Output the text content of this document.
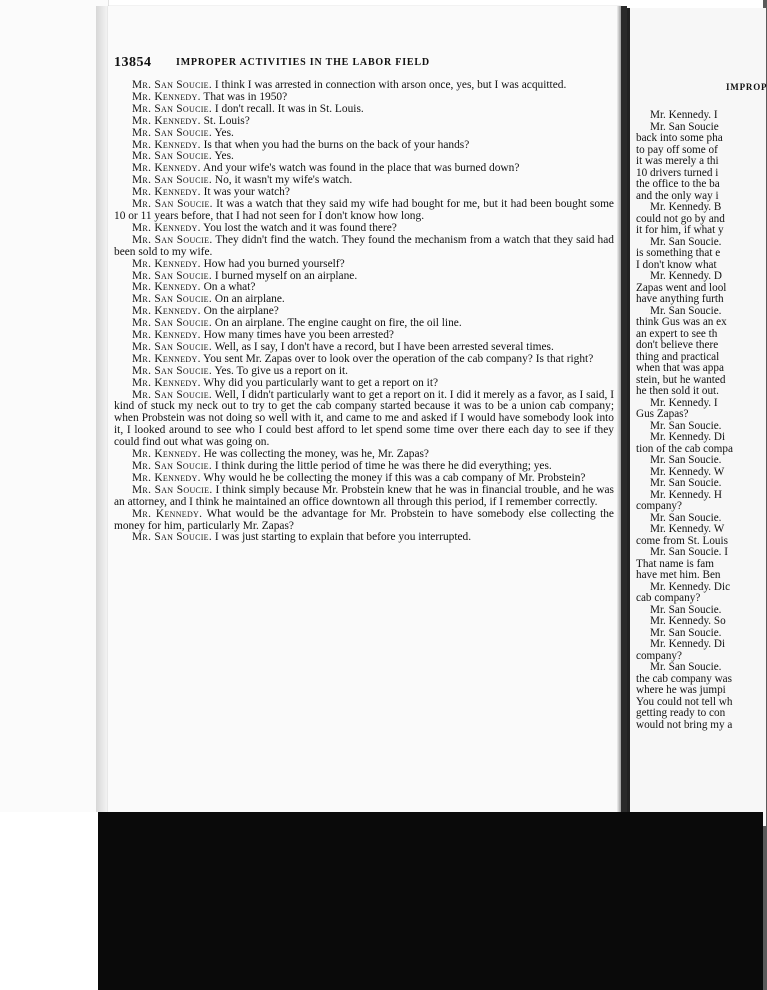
13854 IMPROPER ACTIVITIES IN THE LABOR FIELD

Mr. San Soucie. I think I was arrested in connection with arson once, yes, but I was acquitted.

Mr. Kennedy. That was in 1950?

Mr. San Soucie. I don't recall. It was in St. Louis.

Mr. Kennedy. St. Louis?

Mr. San Soucie. Yes.

Mr. Kennedy. Is that when you had the burns on the back of your hands?

Mr. San Soucie. Yes.

Mr. Kennedy. And your wife's watch was found in the place that was burned down?

Mr. San Soucie. No, it wasn't my wife's watch.

Mr. Kennedy. It was your watch?

Mr. San Soucie. It was a watch that they said my wife had bought for me, but it had been bought some 10 or 11 years before, that I had not seen for I don't know how long.

Mr. Kennedy. You lost the watch and it was found there?

Mr. San Soucie. They didn't find the watch. They found the mechanism from a watch that they said had been sold to my wife.

Mr. Kennedy. How had you burned yourself?

Mr. San Soucie. I burned myself on an airplane.

Mr. Kennedy. On a what?

Mr. San Soucie. On an airplane.

Mr. Kennedy. On the airplane?

Mr. San Soucie. On an airplane. The engine caught on fire, the oil line.

Mr. Kennedy. How many times have you been arrested?

Mr. San Soucie. Well, as I say, I don't have a record, but I have been arrested several times.

Mr. Kennedy. You sent Mr. Zapas over to look over the operation of the cab company? Is that right?

Mr. San Soucie. Yes. To give us a report on it.

Mr. Kennedy. Why did you particularly want to get a report on it?

Mr. San Soucie. Well, I didn't particularly want to get a report on it. I did it merely as a favor, as I said, I kind of stuck my neck out to try to get the cab company started because it was to be a union cab company; when Probstein was not doing so well with it, and came to me and asked if I would have somebody look into it, I looked around to see who I could best afford to let spend some time over there each day to see if they could find out what was going on.

Mr. Kennedy. He was collecting the money, was he, Mr. Zapas?

Mr. San Soucie. I think during the little period of time he was there he did everything; yes.

Mr. Kennedy. Why would he be collecting the money if this was a cab company of Mr. Probstein?

Mr. San Soucie. I think simply because Mr. Probstein knew that he was in financial trouble, and he was an attorney, and I think he maintained an office downtown all through this period, if I remember correctly.

Mr. Kennedy. What would be the advantage for Mr. Probstein to have somebody else collecting the money for him, particularly Mr. Zapas?

Mr. San Soucie. I was just starting to explain that before you interrupted.

IMPROP
Mr. Kennedy. I
Mr. San Soucie
back into some pha
to pay off some of
it was merely a thi
10 drivers turned i
the office to the ba
and the only way i
Mr. Kennedy. B
could not go by and
it for him, if what y
Mr. San Soucie.
is something that e
I don't know what
Mr. Kennedy. D
Zapas went and lool
have anything furth
Mr. San Soucie.
think Gus was an ex
an expert to see th
don't believe there
thing and practical
when that was appa
stein, but he wanted
he then sold it out.
Mr. Kennedy. I
Gus Zapas?
Mr. San Soucie.
Mr. Kennedy. Di
tion of the cab compa
Mr. San Soucie.
Mr. Kennedy. W
Mr. San Soucie.
Mr. Kennedy. H
company?
Mr. San Soucie.
Mr. Kennedy. W
come from St. Louis
Mr. San Soucie. I
That name is fam
have met him. Ben
Mr. Kennedy. Dic
cab company?
Mr. San Soucie.
Mr. Kennedy. So
Mr. San Soucie.
Mr. Kennedy. Di
company?
Mr. San Soucie.
the cab company was
where he was jumpi
You could not tell wh
getting ready to con
would not bring my a
